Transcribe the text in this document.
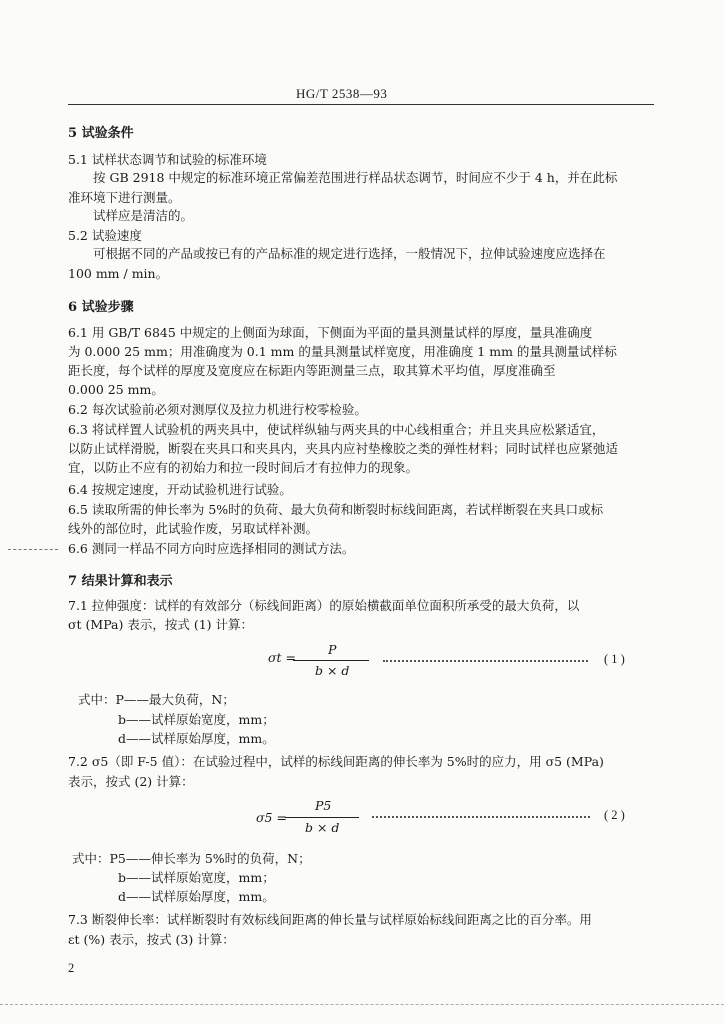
HG/T 2538—93
5 试验条件
5.1 试样状态调节和试验的标准环境
按 GB 2918 中规定的标准环境正常偏差范围进行样品状态调节，时间应不少于 4 h，并在此标
准环境下进行测量。
试样应是清洁的。
5.2 试验速度
可根据不同的产品或按已有的产品标准的规定进行选择，一般情况下，拉伸试验速度应选择在
100 mm / min。
6 试验步骤
6.1 用 GB/T 6845 中规定的上侧面为球面，下侧面为平面的量具测量试样的厚度，量具准确度
为 0.000 25 mm；用准确度为 0.1 mm 的量具测量试样宽度，用准确度 1 mm 的量具测量试样标
距长度，每个试样的厚度及宽度应在标距内等距测量三点，取其算术平均值，厚度准确至
0.000 25 mm。
6.2 每次试验前必须对测厚仪及拉力机进行校零检验。
6.3 将试样置人试验机的两夹具中，使试样纵轴与两夹具的中心线相重合；并且夹具应松紧适宜，
以防止试样滑脱，断裂在夹具口和夹具内，夹具内应衬垫橡胶之类的弹性材料；同时试样也应紧弛适
宜，以防止不应有的初始力和拉一段时间后才有拉伸力的现象。
6.4 按规定速度，开动试验机进行试验。
6.5 读取所需的伸长率为 5%时的负荷、最大负荷和断裂时标线间距离，若试样断裂在夹具口或标
线外的部位时，此试验作废，另取试样补测。
6.6 测同一样品不同方向时应选择相同的测试方法。
7 结果计算和表示
7.1 拉伸强度：试样的有效部分（标线间距离）的原始横截面单位面积所承受的最大负荷，以
σt (MPa) 表示，按式 (1) 计算：
σt =
P
b × d
( 1 )
式中：P——最大负荷，N；
b——试样原始宽度，mm；
d——试样原始厚度，mm。
7.2 σ5（即 F-5 值）：在试验过程中，试样的标线间距离的伸长率为 5%时的应力，用 σ5 (MPa)
表示，按式 (2) 计算：
σ5 =
P5
b × d
( 2 )
式中：P5——伸长率为 5%时的负荷，N；
b——试样原始宽度，mm；
d——试样原始厚度，mm。
7.3 断裂伸长率：试样断裂时有效标线间距离的伸长量与试样原始标线间距离之比的百分率。用
εt (%) 表示，按式 (3) 计算：
2
